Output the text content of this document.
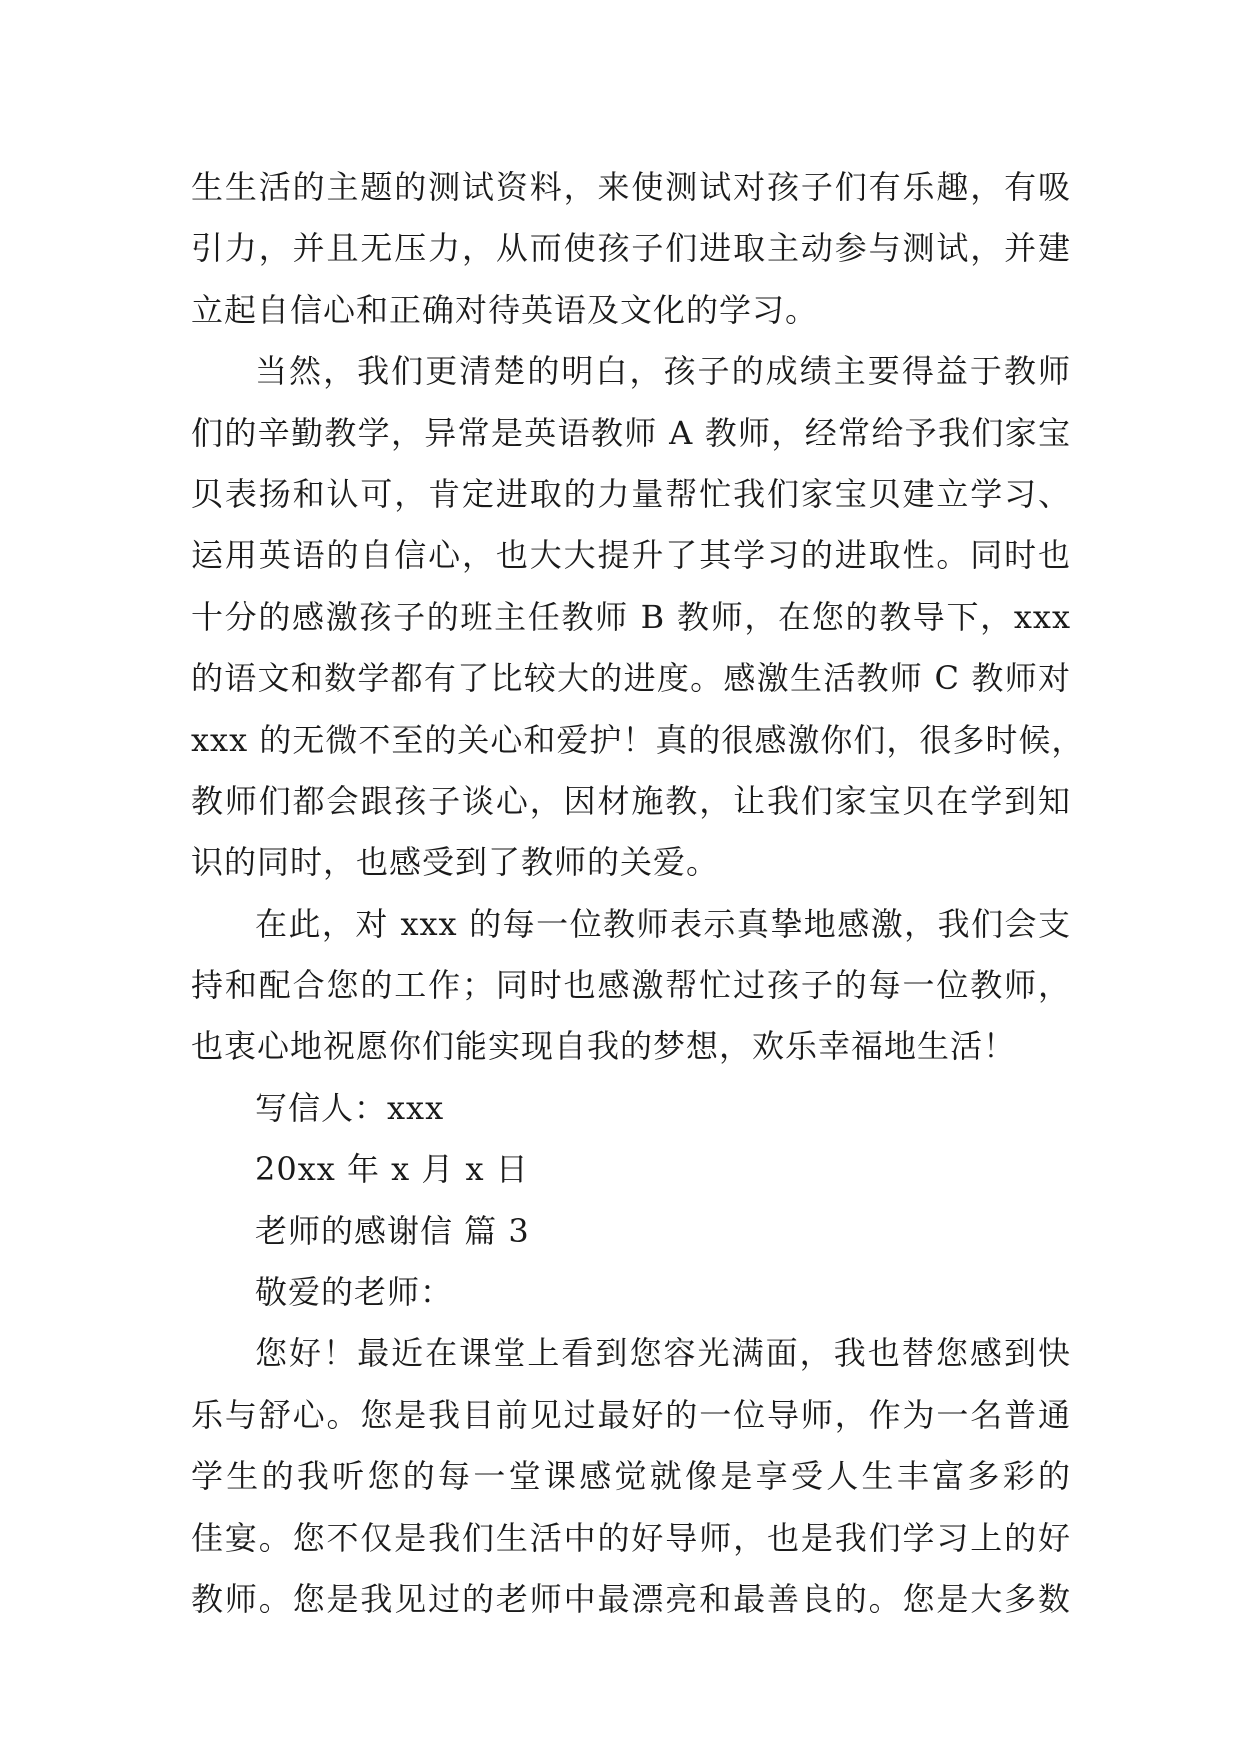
生生活的主题的测试资料，来使测试对孩子们有乐趣，有吸
引力，并且无压力，从而使孩子们进取主动参与测试，并建
立起自信心和正确对待英语及文化的学习。
当然，我们更清楚的明白，孩子的成绩主要得益于教师
们的辛勤教学，异常是英语教师 A 教师，经常给予我们家宝
贝表扬和认可，肯定进取的力量帮忙我们家宝贝建立学习、
运用英语的自信心，也大大提升了其学习的进取性。同时也
十分的感激孩子的班主任教师 B 教师，在您的教导下，xxx
的语文和数学都有了比较大的进度。感激生活教师 C 教师对
xxx 的无微不至的关心和爱护！真的很感激你们，很多时候，
教师们都会跟孩子谈心，因材施教，让我们家宝贝在学到知
识的同时，也感受到了教师的关爱。
在此，对 xxx 的每一位教师表示真挚地感激，我们会支
持和配合您的工作；同时也感激帮忙过孩子的每一位教师，
也衷心地祝愿你们能实现自我的梦想，欢乐幸福地生活！
写信人：xxx
20xx 年 x 月 x 日
老师的感谢信 篇 3
敬爱的老师：
您好！最近在课堂上看到您容光满面，我也替您感到快
乐与舒心。您是我目前见过最好的一位导师，作为一名普通
学生的我听您的每一堂课感觉就像是享受人生丰富多彩的
佳宴。您不仅是我们生活中的好导师，也是我们学习上的好
教师。您是我见过的老师中最漂亮和最善良的。您是大多数
